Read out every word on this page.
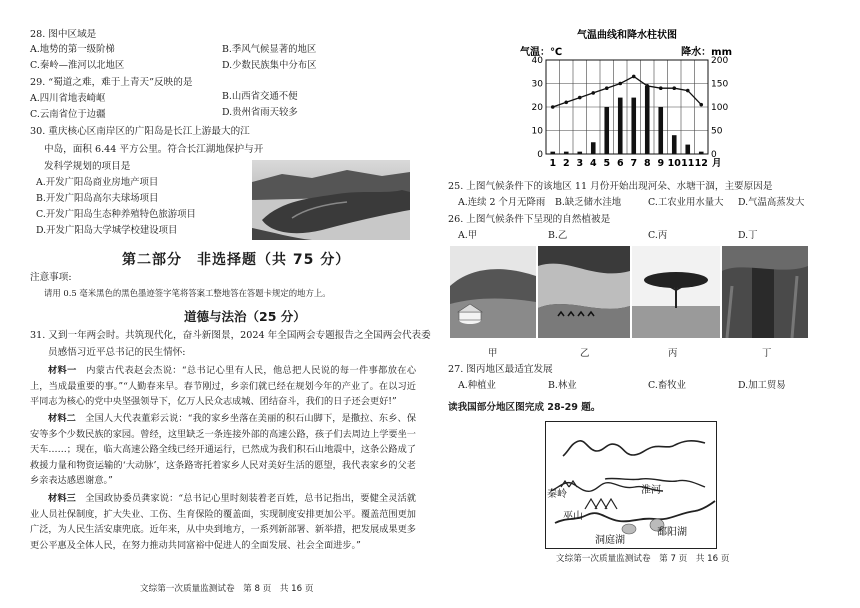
28. 图中区域是
A.地势的第一级阶梯	B.季风气候显著的地区
C.秦岭—淮河以北地区	D.少数民族集中分布区
29. “蜀道之难，难于上青天”反映的是
A.四川省地表崎岖	B.山西省交通不便
C.云南省位于边疆	D.贵州省雨天较多
30. 重庆核心区南岸区的广阳岛是长江上游最大的江
中岛，面积 6.44 平方公里。符合长江湖地保护与开
发科学规划的项目是
A.开发广阳岛商业房地产项目
B.开发广阳岛高尔夫球场项目
C.开发广阳岛生态种养殖特色旅游项目
D.开发广阳岛大学城学校建设项目
第二部分　非选择题（共 75 分）
注意事项:
请用 0.5 毫米黑色的黑色墨迹签字笔将答案工整地答在答题卡规定的地方上。
道德与法治（25 分）
31. 又到一年两会时。共筑现代化，奋斗新图景，2024 年全国两会专题报告之全国两会代表委
员感悟习近平总书记的民生情怀:
材料一　 内蒙古代表赵会杰说：“总书记心里有人民，他总把人民说的每一件事都放在心上，当成最重要的事。”“人勤春来早。春节刚过，乡亲们就已经在规划今年的产业了。在以习近平同志为核心的党中央坚强领导下，亿万人民众志成城、团结奋斗，我们的日子还会更好!”
材料二　 全国人大代表董彩云说：“我的家乡坐落在美丽的积石山脚下，是撒拉、东乡、保安等多个少数民族的家园。曾经，这里缺乏一条连接外部的高速公路，孩子们去周边上学要坐一天车……；现在，临大高速公路全线已经开通运行，已然成为我们积石山地震中，这条公路成了救援力量和物资运输的‘大动脉’，这条路寄托着家乡人民对美好生活的愿望，我代表家乡的父老乡亲表达感恩谢意。”
材料三　 全国政协委员龚家说：“总书记心里时刻装着老百姓，总书记指出，要健全灵活就业人员社保制度，扩大失业、工伤、生育保险的覆盖面，实现制度安排更加公平。覆盖范围更加广泛，为人民生活安康兜底。近年来，从中央到地方，一系列新部署、新举措，把发展成果更多更公平惠及全体人民，在努力推动共同富裕中促进人的全面发展、社会全面进步。”
文综第一次质量监测试卷　第 8 页　共 16 页
气温曲线和降水柱状图
气温：℃	降水：mm
0
10
20
30
40
0
50
100
150
200
1 2 3 4 5 6 7 8 9 10 11 12 月
25. 上图气候条件下的该地区 11 月份开始出现河朵、水塘干涸，主要原因是
A.连续 2 个月无降雨 B.缺乏储水洼地	C.工农业用水量大 D.气温高蒸发大
26. 上图气候条件下呈现的自然植被是
A.甲	B.乙	C.丙	D.丁
甲	乙	丙	丁
27. 图丙地区最适宜发展
A.种植业	B.林业	C.畜牧业	D.加工贸易
读我国部分地区图完成 28-29 题。
秦岭	淮河
巫山
洞庭湖
鄱阳湖
文综第一次质量监测试卷　第 7 页　共 16 页
